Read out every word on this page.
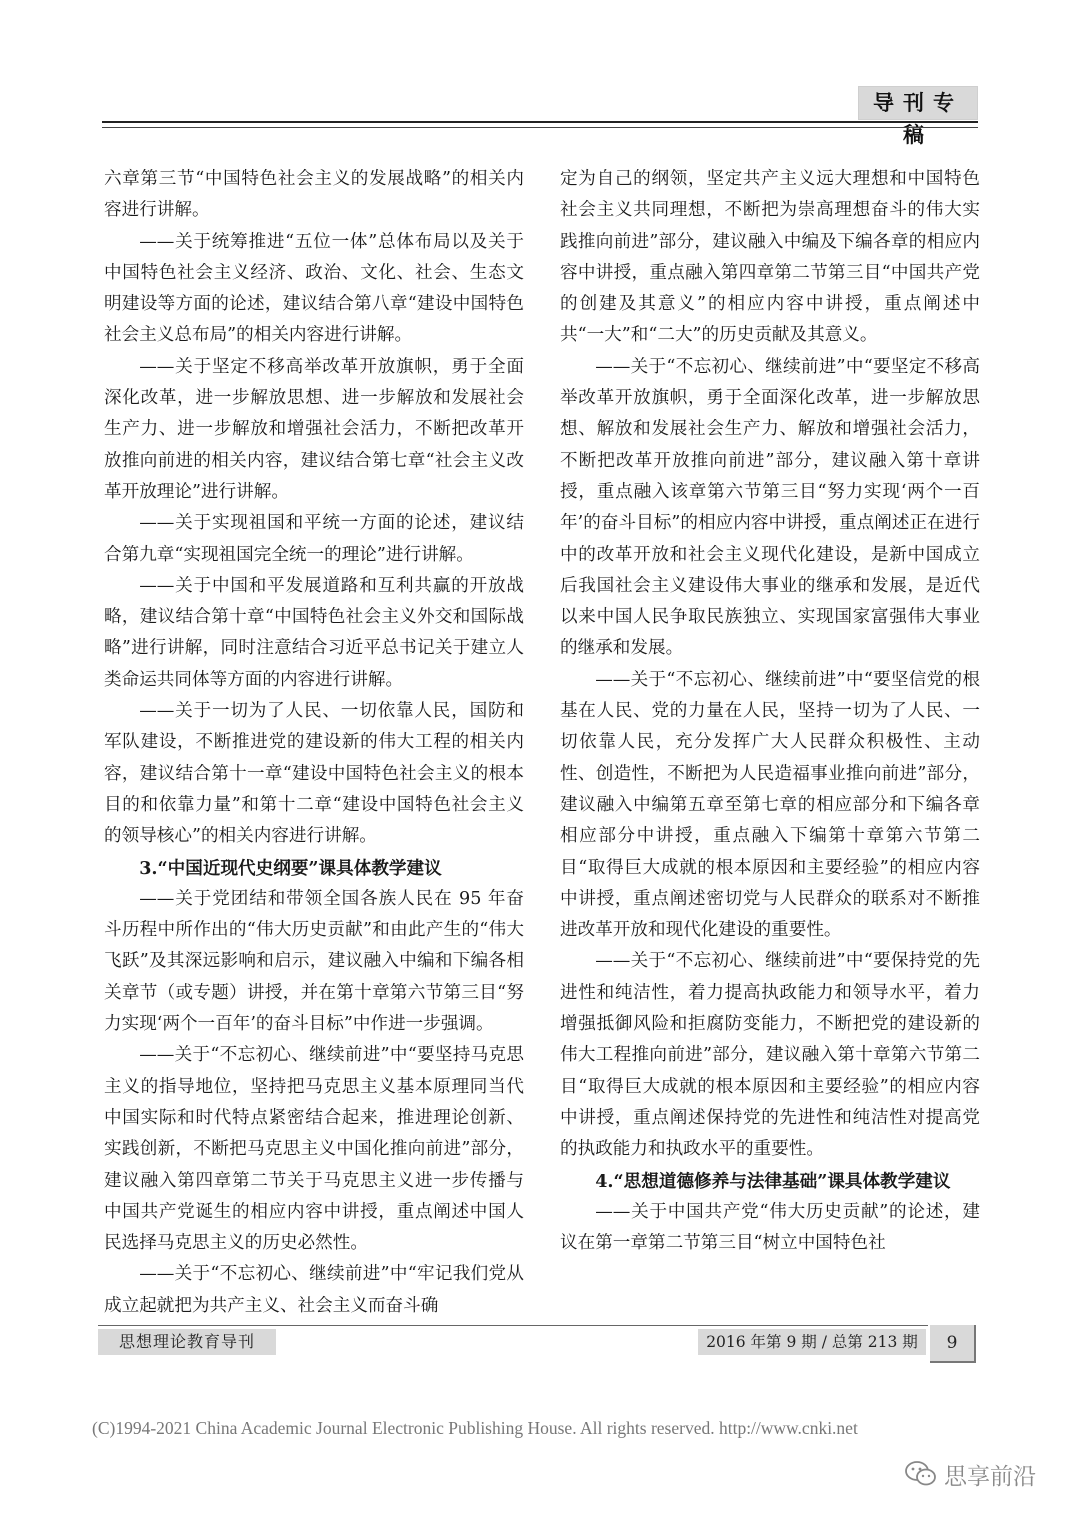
导刊专稿

六章第三节“中国特色社会主义的发展战略”的相关内容进行讲解。

——关于统筹推进“五位一体”总体布局以及关于中国特色社会主义经济、政治、文化、社会、生态文明建设等方面的论述，建议结合第八章“建设中国特色社会主义总布局”的相关内容进行讲解。

——关于坚定不移高举改革开放旗帜，勇于全面深化改革，进一步解放思想、进一步解放和发展社会生产力、进一步解放和增强社会活力，不断把改革开放推向前进的相关内容，建议结合第七章“社会主义改革开放理论”进行讲解。

——关于实现祖国和平统一方面的论述，建议结合第九章“实现祖国完全统一的理论”进行讲解。

——关于中国和平发展道路和互利共赢的开放战略，建议结合第十章“中国特色社会主义外交和国际战略”进行讲解，同时注意结合习近平总书记关于建立人类命运共同体等方面的内容进行讲解。

——关于一切为了人民、一切依靠人民，国防和军队建设，不断推进党的建设新的伟大工程的相关内容，建议结合第十一章“建设中国特色社会主义的根本目的和依靠力量”和第十二章“建设中国特色社会主义的领导核心”的相关内容进行讲解。

3.“中国近现代史纲要”课具体教学建议

——关于党团结和带领全国各族人民在 95 年奋斗历程中所作出的“伟大历史贡献”和由此产生的“伟大飞跃”及其深远影响和启示，建议融入中编和下编各相关章节（或专题）讲授，并在第十章第六节第三目“努力实现‘两个一百年’的奋斗目标”中作进一步强调。

——关于“不忘初心、继续前进”中“要坚持马克思主义的指导地位，坚持把马克思主义基本原理同当代中国实际和时代特点紧密结合起来，推进理论创新、实践创新，不断把马克思主义中国化推向前进”部分，建议融入第四章第二节关于马克思主义进一步传播与中国共产党诞生的相应内容中讲授，重点阐述中国人民选择马克思主义的历史必然性。

——关于“不忘初心、继续前进”中“牢记我们党从成立起就把为共产主义、社会主义而奋斗确

定为自己的纲领，坚定共产主义远大理想和中国特色社会主义共同理想，不断把为崇高理想奋斗的伟大实践推向前进”部分，建议融入中编及下编各章的相应内容中讲授，重点融入第四章第二节第三目“中国共产党的创建及其意义”的相应内容中讲授，重点阐述中共“一大”和“二大”的历史贡献及其意义。

——关于“不忘初心、继续前进”中“要坚定不移高举改革开放旗帜，勇于全面深化改革，进一步解放思想、解放和发展社会生产力、解放和增强社会活力，不断把改革开放推向前进”部分，建议融入第十章讲授，重点融入该章第六节第三目“努力实现‘两个一百年’的奋斗目标”的相应内容中讲授，重点阐述正在进行中的改革开放和社会主义现代化建设，是新中国成立后我国社会主义建设伟大事业的继承和发展，是近代以来中国人民争取民族独立、实现国家富强伟大事业的继承和发展。

——关于“不忘初心、继续前进”中“要坚信党的根基在人民、党的力量在人民，坚持一切为了人民、一切依靠人民，充分发挥广大人民群众积极性、主动性、创造性，不断把为人民造福事业推向前进”部分，建议融入中编第五章至第七章的相应部分和下编各章相应部分中讲授，重点融入下编第十章第六节第二目“取得巨大成就的根本原因和主要经验”的相应内容中讲授，重点阐述密切党与人民群众的联系对不断推进改革开放和现代化建设的重要性。

——关于“不忘初心、继续前进”中“要保持党的先进性和纯洁性，着力提高执政能力和领导水平，着力增强抵御风险和拒腐防变能力，不断把党的建设新的伟大工程推向前进”部分，建议融入第十章第六节第二目“取得巨大成就的根本原因和主要经验”的相应内容中讲授，重点阐述保持党的先进性和纯洁性对提高党的执政能力和执政水平的重要性。

4.“思想道德修养与法律基础”课具体教学建议

——关于中国共产党“伟大历史贡献”的论述，建议在第一章第二节第三目“树立中国特色社

思想理论教育导刊	2016 年第 9 期 / 总第 213 期	9
(C)1994-2021 China Academic Journal Electronic Publishing House. All rights reserved. http://www.cnki.net
思享前沿
